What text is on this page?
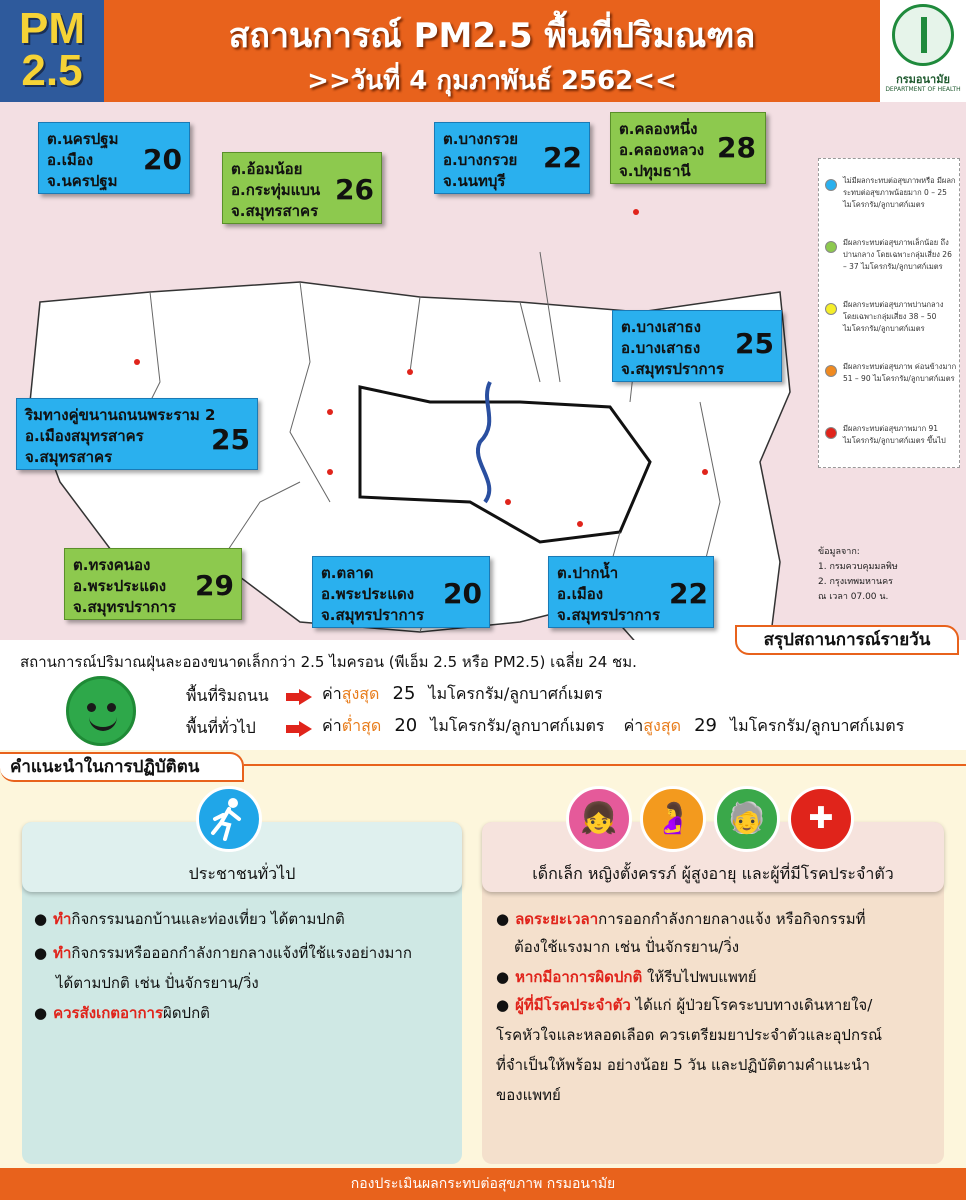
PM
2.5
สถานการณ์ PM2.5 พื้นที่ปริมณฑล
>>วันที่ 4 กุมภาพันธ์ 2562<<	กรมอนามัย
DEPARTMENT OF HEALTH
ต.นครปฐม
อ.เมือง
จ.นครปฐม
20	ต.อ้อมน้อย
อ.กระทุ่มแบน
จ.สมุทรสาคร
26
ต.บางกรวย
อ.บางกรวย
จ.นนทบุรี
22
ต.คลองหนึ่ง
อ.คลองหลวง
จ.ปทุมธานี
28
ต.บางเสาธง
อ.บางเสาธง
จ.สมุทรปราการ
25
ริมทางคู่ขนานถนนพระราม 2
อ.เมืองสมุทรสาคร
จ.สมุทรสาคร
25
ต.ทรงคนอง
อ.พระประแดง
จ.สมุทรปราการ
29	ต.ตลาด
อ.พระประแดง
จ.สมุทรปราการ
20
ต.ปากน้ำ
อ.เมือง
จ.สมุทรปราการ
22
ไม่มีผลกระทบต่อสุขภาพหรือ มีผลกระทบต่อสุขภาพน้อยมาก 0 – 25 ไมโครกรัม/ลูกบาศก์เมตร
มีผลกระทบต่อสุขภาพเล็กน้อย ถึงปานกลาง โดยเฉพาะกลุ่มเสี่ยง 26 – 37 ไมโครกรัม/ลูกบาศก์เมตร
มีผลกระทบต่อสุขภาพปานกลาง โดยเฉพาะกลุ่มเสี่ยง 38 – 50 ไมโครกรัม/ลูกบาศก์เมตร
มีผลกระทบต่อสุขภาพ ค่อนข้างมาก 51 – 90 ไมโครกรัม/ลูกบาศก์เมตร
มีผลกระทบต่อสุขภาพมาก 91 ไมโครกรัม/ลูกบาศก์เมตร ขึ้นไป
ข้อมูลจาก:
1. กรมควบคุมมลพิษ
2. กรุงเทพมหานคร
ณ เวลา 07.00 น.
สรุปสถานการณ์รายวัน
สถานการณ์ปริมาณฝุ่นละอองขนาดเล็กกว่า 2.5 ไมครอน (พีเอ็ม 2.5 หรือ PM2.5) เฉลี่ย 24 ชม.
พื้นที่ริมถนน	ค่าสูงสุด 25 ไมโครกรัม/ลูกบาศก์เมตร
พื้นที่ทั่วไป	ค่าต่ำสุด 20 ไมโครกรัม/ลูกบาศก์เมตร ค่าสูงสุด 29 ไมโครกรัม/ลูกบาศก์เมตร
คำแนะนำในการปฏิบัติตน
ประชาชนทั่วไป
● ทำกิจกรรมนอกบ้านและท่องเที่ยว ได้ตามปกติ
● ทำกิจกรรมหรือออกกำลังกายกลางแจ้งที่ใช้แรงอย่างมาก
ได้ตามปกติ เช่น ปั่นจักรยาน/วิ่ง
● ควรสังเกตอาการผิดปกติ
เด็กเล็ก หญิงตั้งครรภ์ ผู้สูงอายุ และผู้ที่มีโรคประจำตัว
👧	🤰	🧓	✚
● ลดระยะเวลาการออกกำลังกายกลางแจ้ง หรือกิจกรรมที่
ต้องใช้แรงมาก เช่น ปั่นจักรยาน/วิ่ง
● หากมีอาการผิดปกติ ให้รีบไปพบแพทย์
● ผู้ที่มีโรคประจำตัว ได้แก่ ผู้ป่วยโรคระบบทางเดินหายใจ/
โรคหัวใจและหลอดเลือด ควรเตรียมยาประจำตัวและอุปกรณ์
ที่จำเป็นให้พร้อม อย่างน้อย 5 วัน และปฏิบัติตามคำแนะนำ
ของแพทย์
กองประเมินผลกระทบต่อสุขภาพ กรมอนามัย
